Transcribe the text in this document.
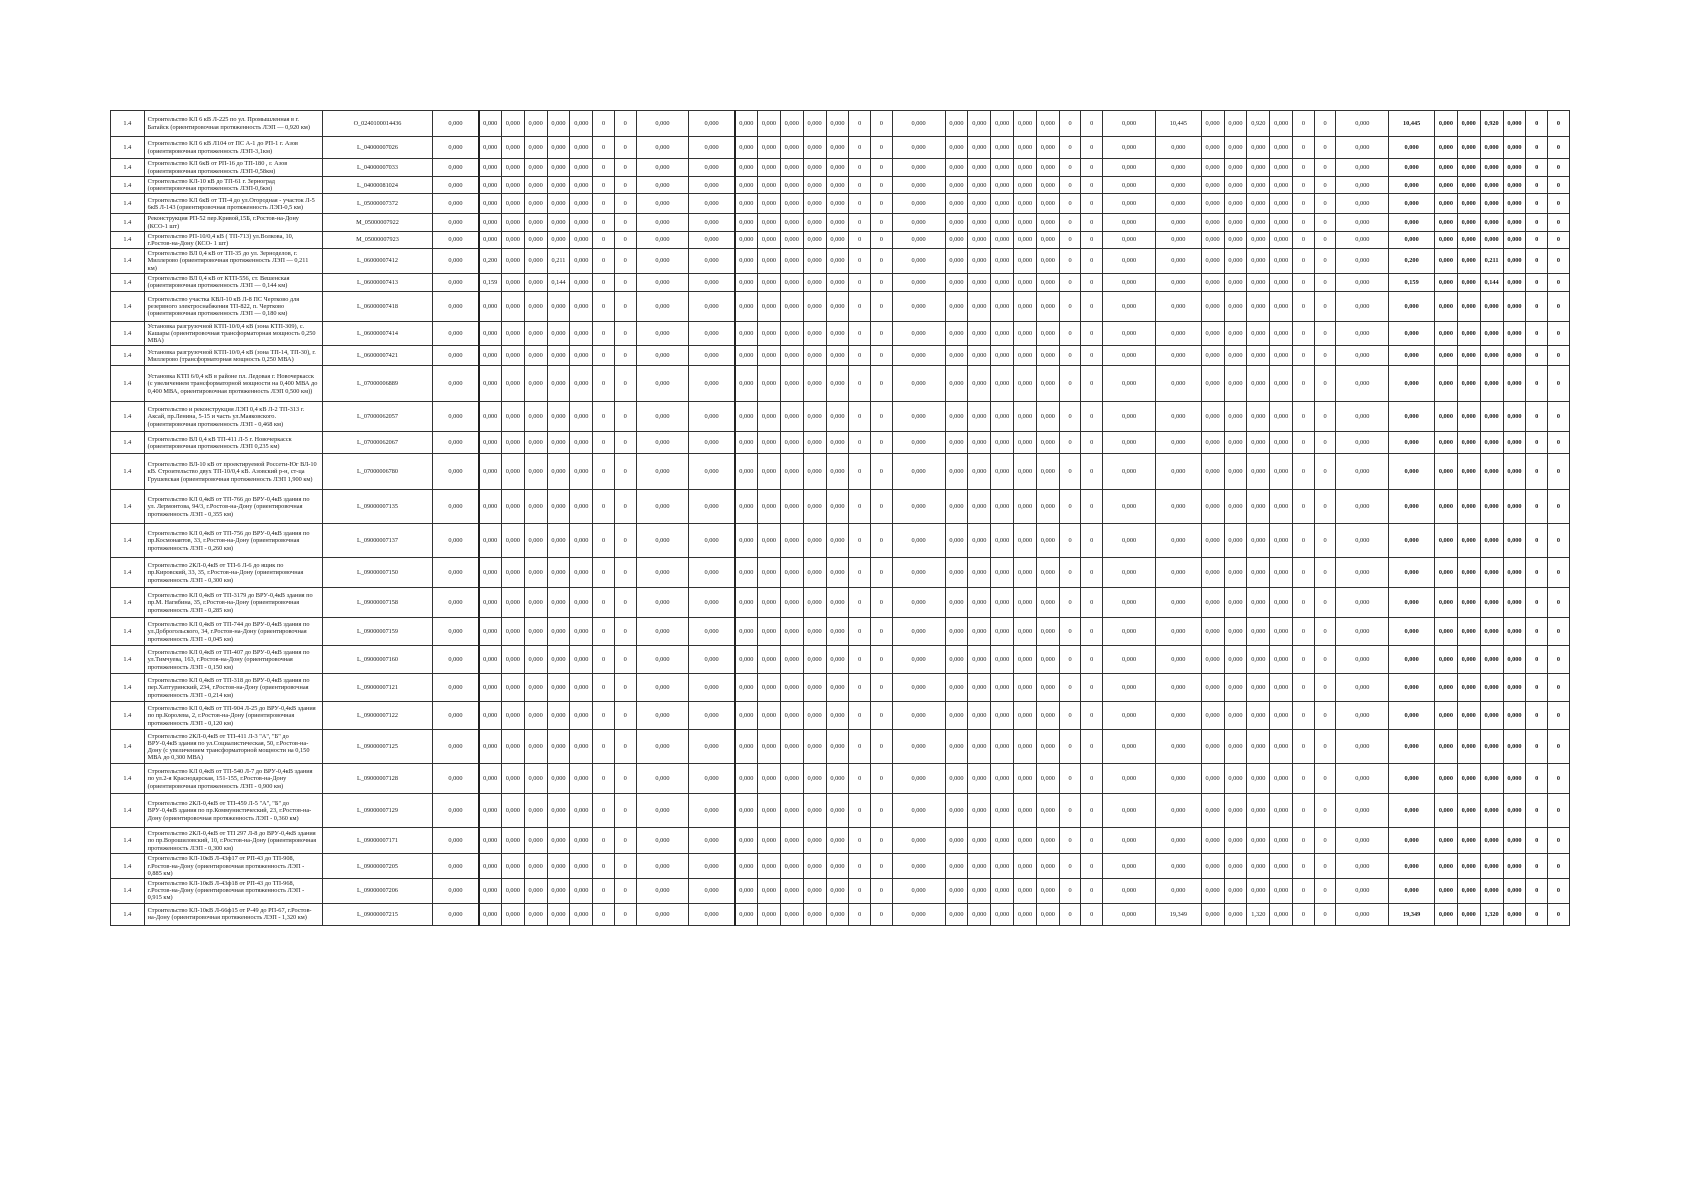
1.4	Строительство КЛ 6 кВ Л-225 по ул. Промышленная в г. Батайск (ориентировочная протяженность ЛЭП — 0,920 км)	O_0240100014436	0,000	0,000	0,000	0,000	0,000	0,000	0	0	0,000	0,000	0,000	0,000	0,000	0,000	0,000	0	0	0,000	0,000	0,000	0,000	0,000	0,000	0	0	0,000	10,445	0,000	0,000	0,920	0,000	0	0	0,000	10,445	0,000	0,000	0,920	0,000	0	0
1.4	Строительство КЛ 6 кВ Л104 от ПС А-1 до РП-1 г. Азов (ориентировочная протяженность ЛЭП-3,1км)	L_04000007026	0,000	0,000	0,000	0,000	0,000	0,000	0	0	0,000	0,000	0,000	0,000	0,000	0,000	0,000	0	0	0,000	0,000	0,000	0,000	0,000	0,000	0	0	0,000	0,000	0,000	0,000	0,000	0,000	0	0	0,000	0,000	0,000	0,000	0,000	0,000	0	0
1.4	Строительство КЛ 6кВ от РП-16 до ТП-180 , г. Азов (ориентировочная протяженность ЛЭП-0,58км)	L_04000007033	0,000	0,000	0,000	0,000	0,000	0,000	0	0	0,000	0,000	0,000	0,000	0,000	0,000	0,000	0	0	0,000	0,000	0,000	0,000	0,000	0,000	0	0	0,000	0,000	0,000	0,000	0,000	0,000	0	0	0,000	0,000	0,000	0,000	0,000	0,000	0	0
1.4	Строительство КЛ-10 кВ до ТП-61 г. Зерноград (ориентировочная протяженность ЛЭП-0,6км)	L_04000081024	0,000	0,000	0,000	0,000	0,000	0,000	0	0	0,000	0,000	0,000	0,000	0,000	0,000	0,000	0	0	0,000	0,000	0,000	0,000	0,000	0,000	0	0	0,000	0,000	0,000	0,000	0,000	0,000	0	0	0,000	0,000	0,000	0,000	0,000	0,000	0	0
1.4	Строительство КЛ 6кВ от ТП-4 до ул.Огородная - участок Л-5 6кВ Л-143 (ориентировочная протяженность ЛЭП-0,5 км)	L_05000007372	0,000	0,000	0,000	0,000	0,000	0,000	0	0	0,000	0,000	0,000	0,000	0,000	0,000	0,000	0	0	0,000	0,000	0,000	0,000	0,000	0,000	0	0	0,000	0,000	0,000	0,000	0,000	0,000	0	0	0,000	0,000	0,000	0,000	0,000	0,000	0	0
1.4	Реконструкция РП-52 пер.Кривой,15Б, г.Ростов-на-Дону (КСО-1 шт)	M_05000007922	0,000	0,000	0,000	0,000	0,000	0,000	0	0	0,000	0,000	0,000	0,000	0,000	0,000	0,000	0	0	0,000	0,000	0,000	0,000	0,000	0,000	0	0	0,000	0,000	0,000	0,000	0,000	0,000	0	0	0,000	0,000	0,000	0,000	0,000	0,000	0	0
1.4	Строительство РП-10/0,4 кВ ( ТП-713) ул.Волкова, 10, г.Ростов-на-Дону (КСО- 1 шт)	M_05000007923	0,000	0,000	0,000	0,000	0,000	0,000	0	0	0,000	0,000	0,000	0,000	0,000	0,000	0,000	0	0	0,000	0,000	0,000	0,000	0,000	0,000	0	0	0,000	0,000	0,000	0,000	0,000	0,000	0	0	0,000	0,000	0,000	0,000	0,000	0,000	0	0
1.4	Строительство ВЛ 0,4 кВ от ТП-35 до ул. Зерноделов, г. Миллерово (ориентировочная протяженность ЛЭП — 0,211 км)	L_06000007412	0,000	0,200	0,000	0,000	0,211	0,000	0	0	0,000	0,000	0,000	0,000	0,000	0,000	0,000	0	0	0,000	0,000	0,000	0,000	0,000	0,000	0	0	0,000	0,000	0,000	0,000	0,000	0,000	0	0	0,000	0,200	0,000	0,000	0,211	0,000	0	0
1.4	Строительство ВЛ 0,4 кВ от КТП-556, ст. Вешенская (ориентировочная протяженность ЛЭП — 0,144 км)	L_06000007413	0,000	0,159	0,000	0,000	0,144	0,000	0	0	0,000	0,000	0,000	0,000	0,000	0,000	0,000	0	0	0,000	0,000	0,000	0,000	0,000	0,000	0	0	0,000	0,000	0,000	0,000	0,000	0,000	0	0	0,000	0,159	0,000	0,000	0,144	0,000	0	0
1.4	Строительство участка КВЛ-10 кВ Л-8 ПС Чертково для резервного электроснабжения ТП-822, п. Чертково (ориентировочная протяженность ЛЭП — 0,180 км)	L_06000007418	0,000	0,000	0,000	0,000	0,000	0,000	0	0	0,000	0,000	0,000	0,000	0,000	0,000	0,000	0	0	0,000	0,000	0,000	0,000	0,000	0,000	0	0	0,000	0,000	0,000	0,000	0,000	0,000	0	0	0,000	0,000	0,000	0,000	0,000	0,000	0	0
1.4	Установка разгрузочной КТП-10/0,4 кВ (зона КТП-309), с. Кашары (ориентировочная трансформаторная мощность 0,250 МВА)	L_06000007414	0,000	0,000	0,000	0,000	0,000	0,000	0	0	0,000	0,000	0,000	0,000	0,000	0,000	0,000	0	0	0,000	0,000	0,000	0,000	0,000	0,000	0	0	0,000	0,000	0,000	0,000	0,000	0,000	0	0	0,000	0,000	0,000	0,000	0,000	0,000	0	0
1.4	Установка разгрузочной КТП-10/0,4 кВ (зона ТП-14, ТП-30), г. Миллерово (трансформаторная мощность 0,250 МВА)	L_06000007421	0,000	0,000	0,000	0,000	0,000	0,000	0	0	0,000	0,000	0,000	0,000	0,000	0,000	0,000	0	0	0,000	0,000	0,000	0,000	0,000	0,000	0	0	0,000	0,000	0,000	0,000	0,000	0,000	0	0	0,000	0,000	0,000	0,000	0,000	0,000	0	0
1.4	Установка КТП 6/0,4 кВ в районе пл. Ледовая г. Новочеркасск (с увеличением трансформаторной мощности на 0,400 МВА до 0,400 МВА, ориентировочная протяженность ЛЭП 0,500 км))	L_07000006889	0,000	0,000	0,000	0,000	0,000	0,000	0	0	0,000	0,000	0,000	0,000	0,000	0,000	0,000	0	0	0,000	0,000	0,000	0,000	0,000	0,000	0	0	0,000	0,000	0,000	0,000	0,000	0,000	0	0	0,000	0,000	0,000	0,000	0,000	0,000	0	0
1.4	Строительство и реконструкция ЛЭП 0,4 кВ Л-2 ТП-313 г. Аксай, пр.Ленина, 5-15 и часть ул.Маяковского. (ориентировочная протяженность ЛЭП - 0,468 км)	L_07000062057	0,000	0,000	0,000	0,000	0,000	0,000	0	0	0,000	0,000	0,000	0,000	0,000	0,000	0,000	0	0	0,000	0,000	0,000	0,000	0,000	0,000	0	0	0,000	0,000	0,000	0,000	0,000	0,000	0	0	0,000	0,000	0,000	0,000	0,000	0,000	0	0
1.4	Строительство ВЛ 0,4 кВ ТП-411 Л-5 г. Новочеркасск (ориентировочная протяженность ЛЭП 0,235 км)	L_07000062067	0,000	0,000	0,000	0,000	0,000	0,000	0	0	0,000	0,000	0,000	0,000	0,000	0,000	0,000	0	0	0,000	0,000	0,000	0,000	0,000	0,000	0	0	0,000	0,000	0,000	0,000	0,000	0,000	0	0	0,000	0,000	0,000	0,000	0,000	0,000	0	0
1.4	Строительство ВЛ-10 кВ от проектируемой Россети-Юг ВЛ-10 кВ. Строительство двух ТП-10/0,4 кВ. Азовский р-н, ст-ца Грушевская (ориентировочная протяженность ЛЭП 1,900 км)	L_07000006780	0,000	0,000	0,000	0,000	0,000	0,000	0	0	0,000	0,000	0,000	0,000	0,000	0,000	0,000	0	0	0,000	0,000	0,000	0,000	0,000	0,000	0	0	0,000	0,000	0,000	0,000	0,000	0,000	0	0	0,000	0,000	0,000	0,000	0,000	0,000	0	0
1.4	Строительство КЛ 0,4кВ от ТП-766 до ВРУ-0,4кВ здания по ул. Лермонтова, 94/3, г.Ростов-на-Дону (ориентировочная протяженность ЛЭП - 0,355 км)	L_09000007135	0,000	0,000	0,000	0,000	0,000	0,000	0	0	0,000	0,000	0,000	0,000	0,000	0,000	0,000	0	0	0,000	0,000	0,000	0,000	0,000	0,000	0	0	0,000	0,000	0,000	0,000	0,000	0,000	0	0	0,000	0,000	0,000	0,000	0,000	0,000	0	0
1.4	Строительство КЛ 0,4кВ от ТП-756 до ВРУ-0,4кВ здания по пр.Космонавтов, 33, г.Ростов-на-Дону (ориентировочная протяженность ЛЭП - 0,260 км)	L_09000007137	0,000	0,000	0,000	0,000	0,000	0,000	0	0	0,000	0,000	0,000	0,000	0,000	0,000	0,000	0	0	0,000	0,000	0,000	0,000	0,000	0,000	0	0	0,000	0,000	0,000	0,000	0,000	0,000	0	0	0,000	0,000	0,000	0,000	0,000	0,000	0	0
1.4	Строительство 2КЛ-0,4кВ от ТП-6 Л-6 до ящик по пр.Кировский, 33, 35, г.Ростов-на-Дону (ориентировочная протяженность ЛЭП - 0,300 км)	L_09000007150	0,000	0,000	0,000	0,000	0,000	0,000	0	0	0,000	0,000	0,000	0,000	0,000	0,000	0,000	0	0	0,000	0,000	0,000	0,000	0,000	0,000	0	0	0,000	0,000	0,000	0,000	0,000	0,000	0	0	0,000	0,000	0,000	0,000	0,000	0,000	0	0
1.4	Строительство КЛ 0,4кВ от ТП-3179 до ВРУ-0,4кВ здания по пр.М. Нагибина, 35, г.Ростов-на-Дону (ориентировочная протяженность ЛЭП - 0,285 км)	L_09000007158	0,000	0,000	0,000	0,000	0,000	0,000	0	0	0,000	0,000	0,000	0,000	0,000	0,000	0,000	0	0	0,000	0,000	0,000	0,000	0,000	0,000	0	0	0,000	0,000	0,000	0,000	0,000	0,000	0	0	0,000	0,000	0,000	0,000	0,000	0,000	0	0
1.4	Строительство КЛ 0,4кВ от ТП-744 до ВРУ-0,4кВ здания по ул.Доброгольского, 34, г.Ростов-на-Дону (ориентировочная протяженность ЛЭП - 0,045 км)	L_09000007159	0,000	0,000	0,000	0,000	0,000	0,000	0	0	0,000	0,000	0,000	0,000	0,000	0,000	0,000	0	0	0,000	0,000	0,000	0,000	0,000	0,000	0	0	0,000	0,000	0,000	0,000	0,000	0,000	0	0	0,000	0,000	0,000	0,000	0,000	0,000	0	0
1.4	Строительство КЛ 0,4кВ от ТП-407 до ВРУ-0,4кВ здания по ул.Тимчуева, 163, г.Ростов-на-Дону (ориентировочная протяженность ЛЭП - 0,150 км)	L_09000007160	0,000	0,000	0,000	0,000	0,000	0,000	0	0	0,000	0,000	0,000	0,000	0,000	0,000	0,000	0	0	0,000	0,000	0,000	0,000	0,000	0,000	0	0	0,000	0,000	0,000	0,000	0,000	0,000	0	0	0,000	0,000	0,000	0,000	0,000	0,000	0	0
1.4	Строительство КЛ 0,4кВ от ТП-318 до ВРУ-0,4кВ здания по пер.Хатгуринский, 234, г.Ростов-на-Дону (ориентировочная протяженность ЛЭП - 0,214 км)	L_09000007121	0,000	0,000	0,000	0,000	0,000	0,000	0	0	0,000	0,000	0,000	0,000	0,000	0,000	0,000	0	0	0,000	0,000	0,000	0,000	0,000	0,000	0	0	0,000	0,000	0,000	0,000	0,000	0,000	0	0	0,000	0,000	0,000	0,000	0,000	0,000	0	0
1.4	Строительство КЛ 0,4кВ от ТП-904 Л-25 до ВРУ-0,4кВ здания по пр.Королева, 2, г.Ростов-на-Дону (ориентировочная протяженность ЛЭП - 0,120 км)	L_09000007122	0,000	0,000	0,000	0,000	0,000	0,000	0	0	0,000	0,000	0,000	0,000	0,000	0,000	0,000	0	0	0,000	0,000	0,000	0,000	0,000	0,000	0	0	0,000	0,000	0,000	0,000	0,000	0,000	0	0	0,000	0,000	0,000	0,000	0,000	0,000	0	0
1.4	Строительство 2КЛ-0,4кВ от ТП-411 Л-3 "А", "Б" до ВРУ-0,4кВ здания по ул.Социалистическая, 50, г.Ростов-на-Дону (с увеличением трансформаторной мощности на 0,150 МВА до 0,300 МВА)	L_09000007125	0,000	0,000	0,000	0,000	0,000	0,000	0	0	0,000	0,000	0,000	0,000	0,000	0,000	0,000	0	0	0,000	0,000	0,000	0,000	0,000	0,000	0	0	0,000	0,000	0,000	0,000	0,000	0,000	0	0	0,000	0,000	0,000	0,000	0,000	0,000	0	0
1.4	Строительство КЛ 0,4кВ от ТП-540 Л-7 до ВРУ-0,4кВ здания по ул.2-я Краснодарская, 151-155, г.Ростов-на-Дону (ориентировочная протяженность ЛЭП - 0,900 км)	L_09000007128	0,000	0,000	0,000	0,000	0,000	0,000	0	0	0,000	0,000	0,000	0,000	0,000	0,000	0,000	0	0	0,000	0,000	0,000	0,000	0,000	0,000	0	0	0,000	0,000	0,000	0,000	0,000	0,000	0	0	0,000	0,000	0,000	0,000	0,000	0,000	0	0
1.4	Строительство 2КЛ-0,4кВ от ТП-459 Л-5 "А", "Б" до ВРУ-0,4кВ здания по пр.Коммунистический, 23, г.Ростов-на-Дону (ориентировочная протяженность ЛЭП - 0,360 км)	L_09000007129	0,000	0,000	0,000	0,000	0,000	0,000	0	0	0,000	0,000	0,000	0,000	0,000	0,000	0,000	0	0	0,000	0,000	0,000	0,000	0,000	0,000	0	0	0,000	0,000	0,000	0,000	0,000	0,000	0	0	0,000	0,000	0,000	0,000	0,000	0,000	0	0
1.4	Строительство 2КЛ-0,4кВ от ТП 297 Л-8 до ВРУ-0,4кВ здания по пр.Ворошиловский, 10, г.Ростов-на-Дону (ориентировочная протяженность ЛЭП - 0,300 км)	L_09000007171	0,000	0,000	0,000	0,000	0,000	0,000	0	0	0,000	0,000	0,000	0,000	0,000	0,000	0,000	0	0	0,000	0,000	0,000	0,000	0,000	0,000	0	0	0,000	0,000	0,000	0,000	0,000	0,000	0	0	0,000	0,000	0,000	0,000	0,000	0,000	0	0
1.4	Строительство КЛ-10кВ Л-43ф17 от РП-43 до ТП-908, г.Ростов-на-Дону (ориентировочная протяженность ЛЭП - 0,885 км)	L_09000007205	0,000	0,000	0,000	0,000	0,000	0,000	0	0	0,000	0,000	0,000	0,000	0,000	0,000	0,000	0	0	0,000	0,000	0,000	0,000	0,000	0,000	0	0	0,000	0,000	0,000	0,000	0,000	0,000	0	0	0,000	0,000	0,000	0,000	0,000	0,000	0	0
1.4	Строительство КЛ-10кВ Л-43ф18 от РП-43 до ТП-968, г.Ростов-на-Дону (ориентировочная протяженность ЛЭП - 0,915 км)	L_09000007206	0,000	0,000	0,000	0,000	0,000	0,000	0	0	0,000	0,000	0,000	0,000	0,000	0,000	0,000	0	0	0,000	0,000	0,000	0,000	0,000	0,000	0	0	0,000	0,000	0,000	0,000	0,000	0,000	0	0	0,000	0,000	0,000	0,000	0,000	0,000	0	0
1.4	Строительство КЛ-10кВ Л-66ф15 от Р-49 до РП-67, г.Ростов-на-Дону (ориентировочная протяженность ЛЭП - 1,320 км)	L_09000007215	0,000	0,000	0,000	0,000	0,000	0,000	0	0	0,000	0,000	0,000	0,000	0,000	0,000	0,000	0	0	0,000	0,000	0,000	0,000	0,000	0,000	0	0	0,000	19,349	0,000	0,000	1,320	0,000	0	0	0,000	19,349	0,000	0,000	1,320	0,000	0	0
